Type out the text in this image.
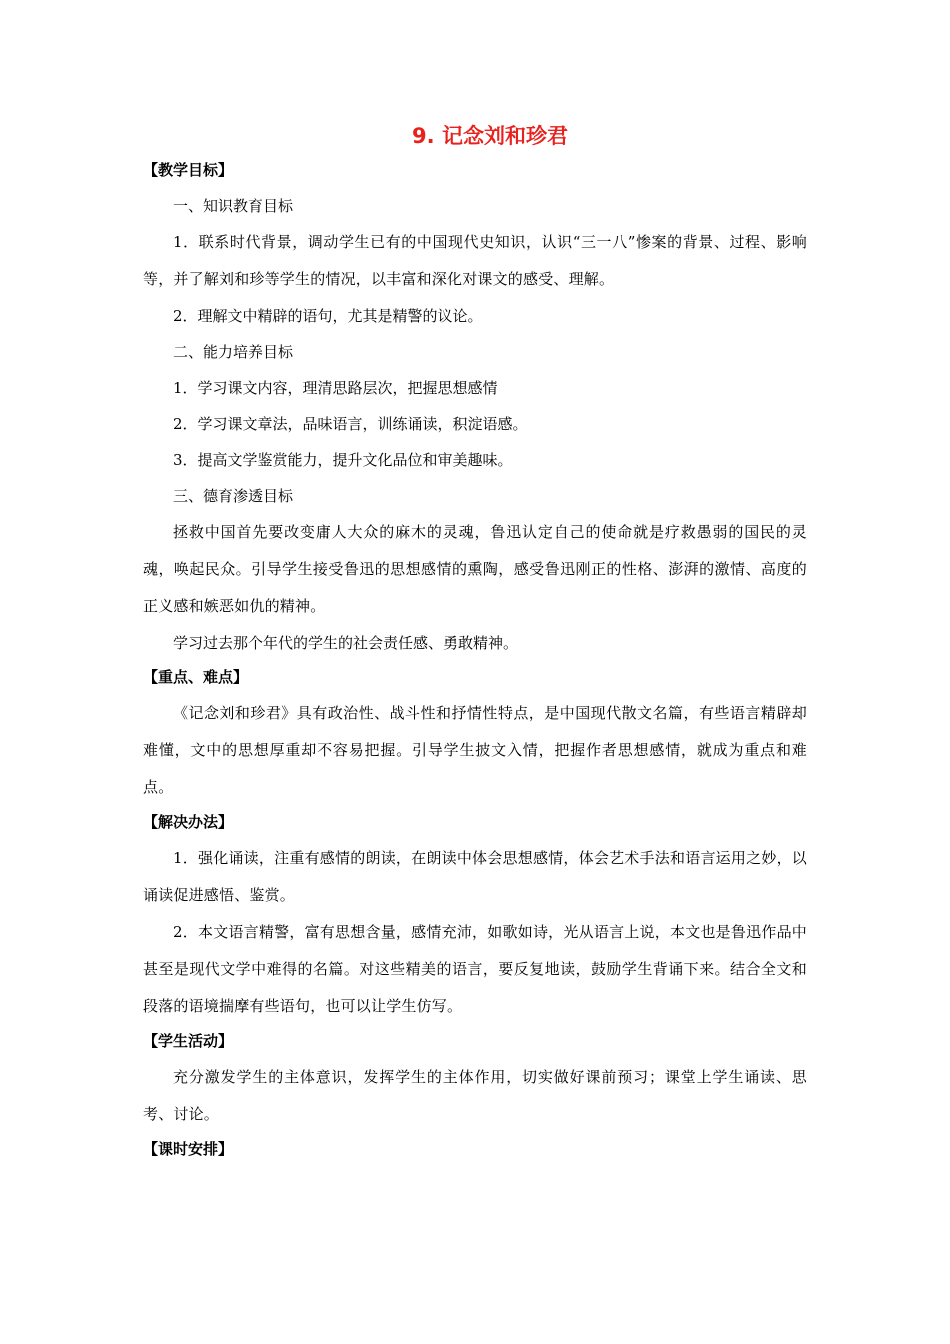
9. 记念刘和珍君

【教学目标】

一、知识教育目标

1．联系时代背景，调动学生已有的中国现代史知识，认识“三一八”惨案的背景、过程、影响等，并了解刘和珍等学生的情况，以丰富和深化对课文的感受、理解。

2．理解文中精辟的语句，尤其是精警的议论。

二、能力培养目标

1．学习课文内容，理清思路层次，把握思想感情

2．学习课文章法，品味语言，训练诵读，积淀语感。

3．提高文学鉴赏能力，提升文化品位和审美趣味。

三、德育渗透目标

拯救中国首先要改变庸人大众的麻木的灵魂，鲁迅认定自己的使命就是疗救愚弱的国民的灵魂，唤起民众。引导学生接受鲁迅的思想感情的熏陶，感受鲁迅刚正的性格、澎湃的激情、高度的正义感和嫉恶如仇的精神。

学习过去那个年代的学生的社会责任感、勇敢精神。

【重点、难点】

《记念刘和珍君》具有政治性、战斗性和抒情性特点，是中国现代散文名篇，有些语言精辟却难懂，文中的思想厚重却不容易把握。引导学生披文入情，把握作者思想感情，就成为重点和难点。

【解决办法】

1．强化诵读，注重有感情的朗读，在朗读中体会思想感情，体会艺术手法和语言运用之妙，以诵读促进感悟、鉴赏。

2．本文语言精警，富有思想含量，感情充沛，如歌如诗，光从语言上说，本文也是鲁迅作品中甚至是现代文学中难得的名篇。对这些精美的语言，要反复地读，鼓励学生背诵下来。结合全文和段落的语境揣摩有些语句，也可以让学生仿写。

【学生活动】

充分激发学生的主体意识，发挥学生的主体作用，切实做好课前预习；课堂上学生诵读、思考、讨论。

【课时安排】
